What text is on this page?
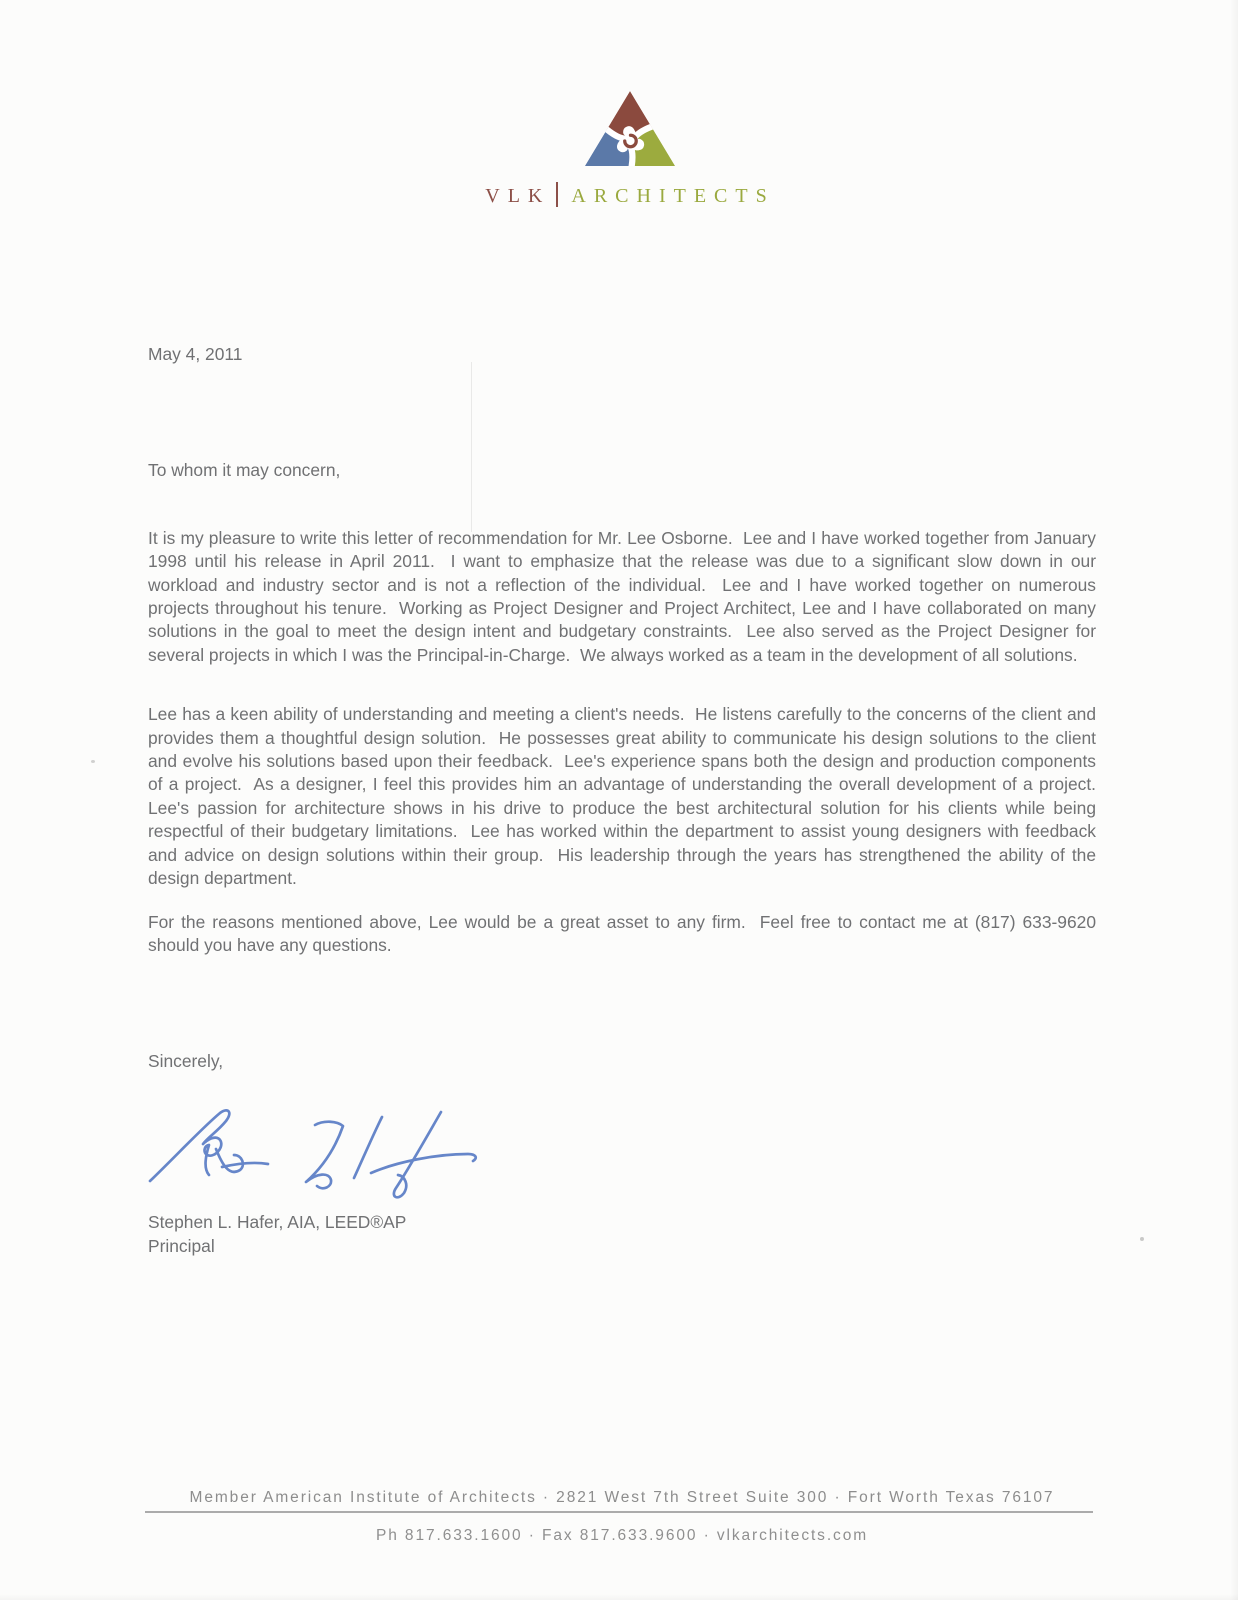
VLK ARCHITECTS

May 4, 2011

To whom it may concern,

It is my pleasure to write this letter of recommendation for Mr. Lee Osborne.  Lee and I have worked together from January 1998 until his release in April 2011.  I want to emphasize that the release was due to a significant slow down in our workload and industry sector and is not a reflection of the individual.  Lee and I have worked together on numerous projects throughout his tenure.  Working as Project Designer and Project Architect, Lee and I have collaborated on many solutions in the goal to meet the design intent and budgetary constraints.  Lee also served as the Project Designer for several projects in which I was the Principal-in-Charge.  We always worked as a team in the development of all solutions.

Lee has a keen ability of understanding and meeting a client's needs.  He listens carefully to the concerns of the client and provides them a thoughtful design solution.  He possesses great ability to communicate his design solutions to the client and evolve his solutions based upon their feedback.  Lee's experience spans both the design and production components of a project.  As a designer, I feel this provides him an advantage of understanding the overall development of a project.   Lee's passion for architecture shows in his drive to produce the best architectural solution for his clients while being respectful of their budgetary limitations.  Lee has worked within the department to assist young designers with feedback and advice on design solutions within their group.  His leadership through the years has strengthened the ability of the design department.

For the reasons mentioned above, Lee would be a great asset to any firm.  Feel free to contact me at (817) 633-9620 should you have any questions.

Sincerely,
Stephen L. Hafer, AIA, LEED®AP
Principal
Member American Institute of Architects · 2821 West 7th Street Suite 300 · Fort Worth Texas 76107
Ph 817.633.1600 · Fax 817.633.9600 · vlkarchitects.com
